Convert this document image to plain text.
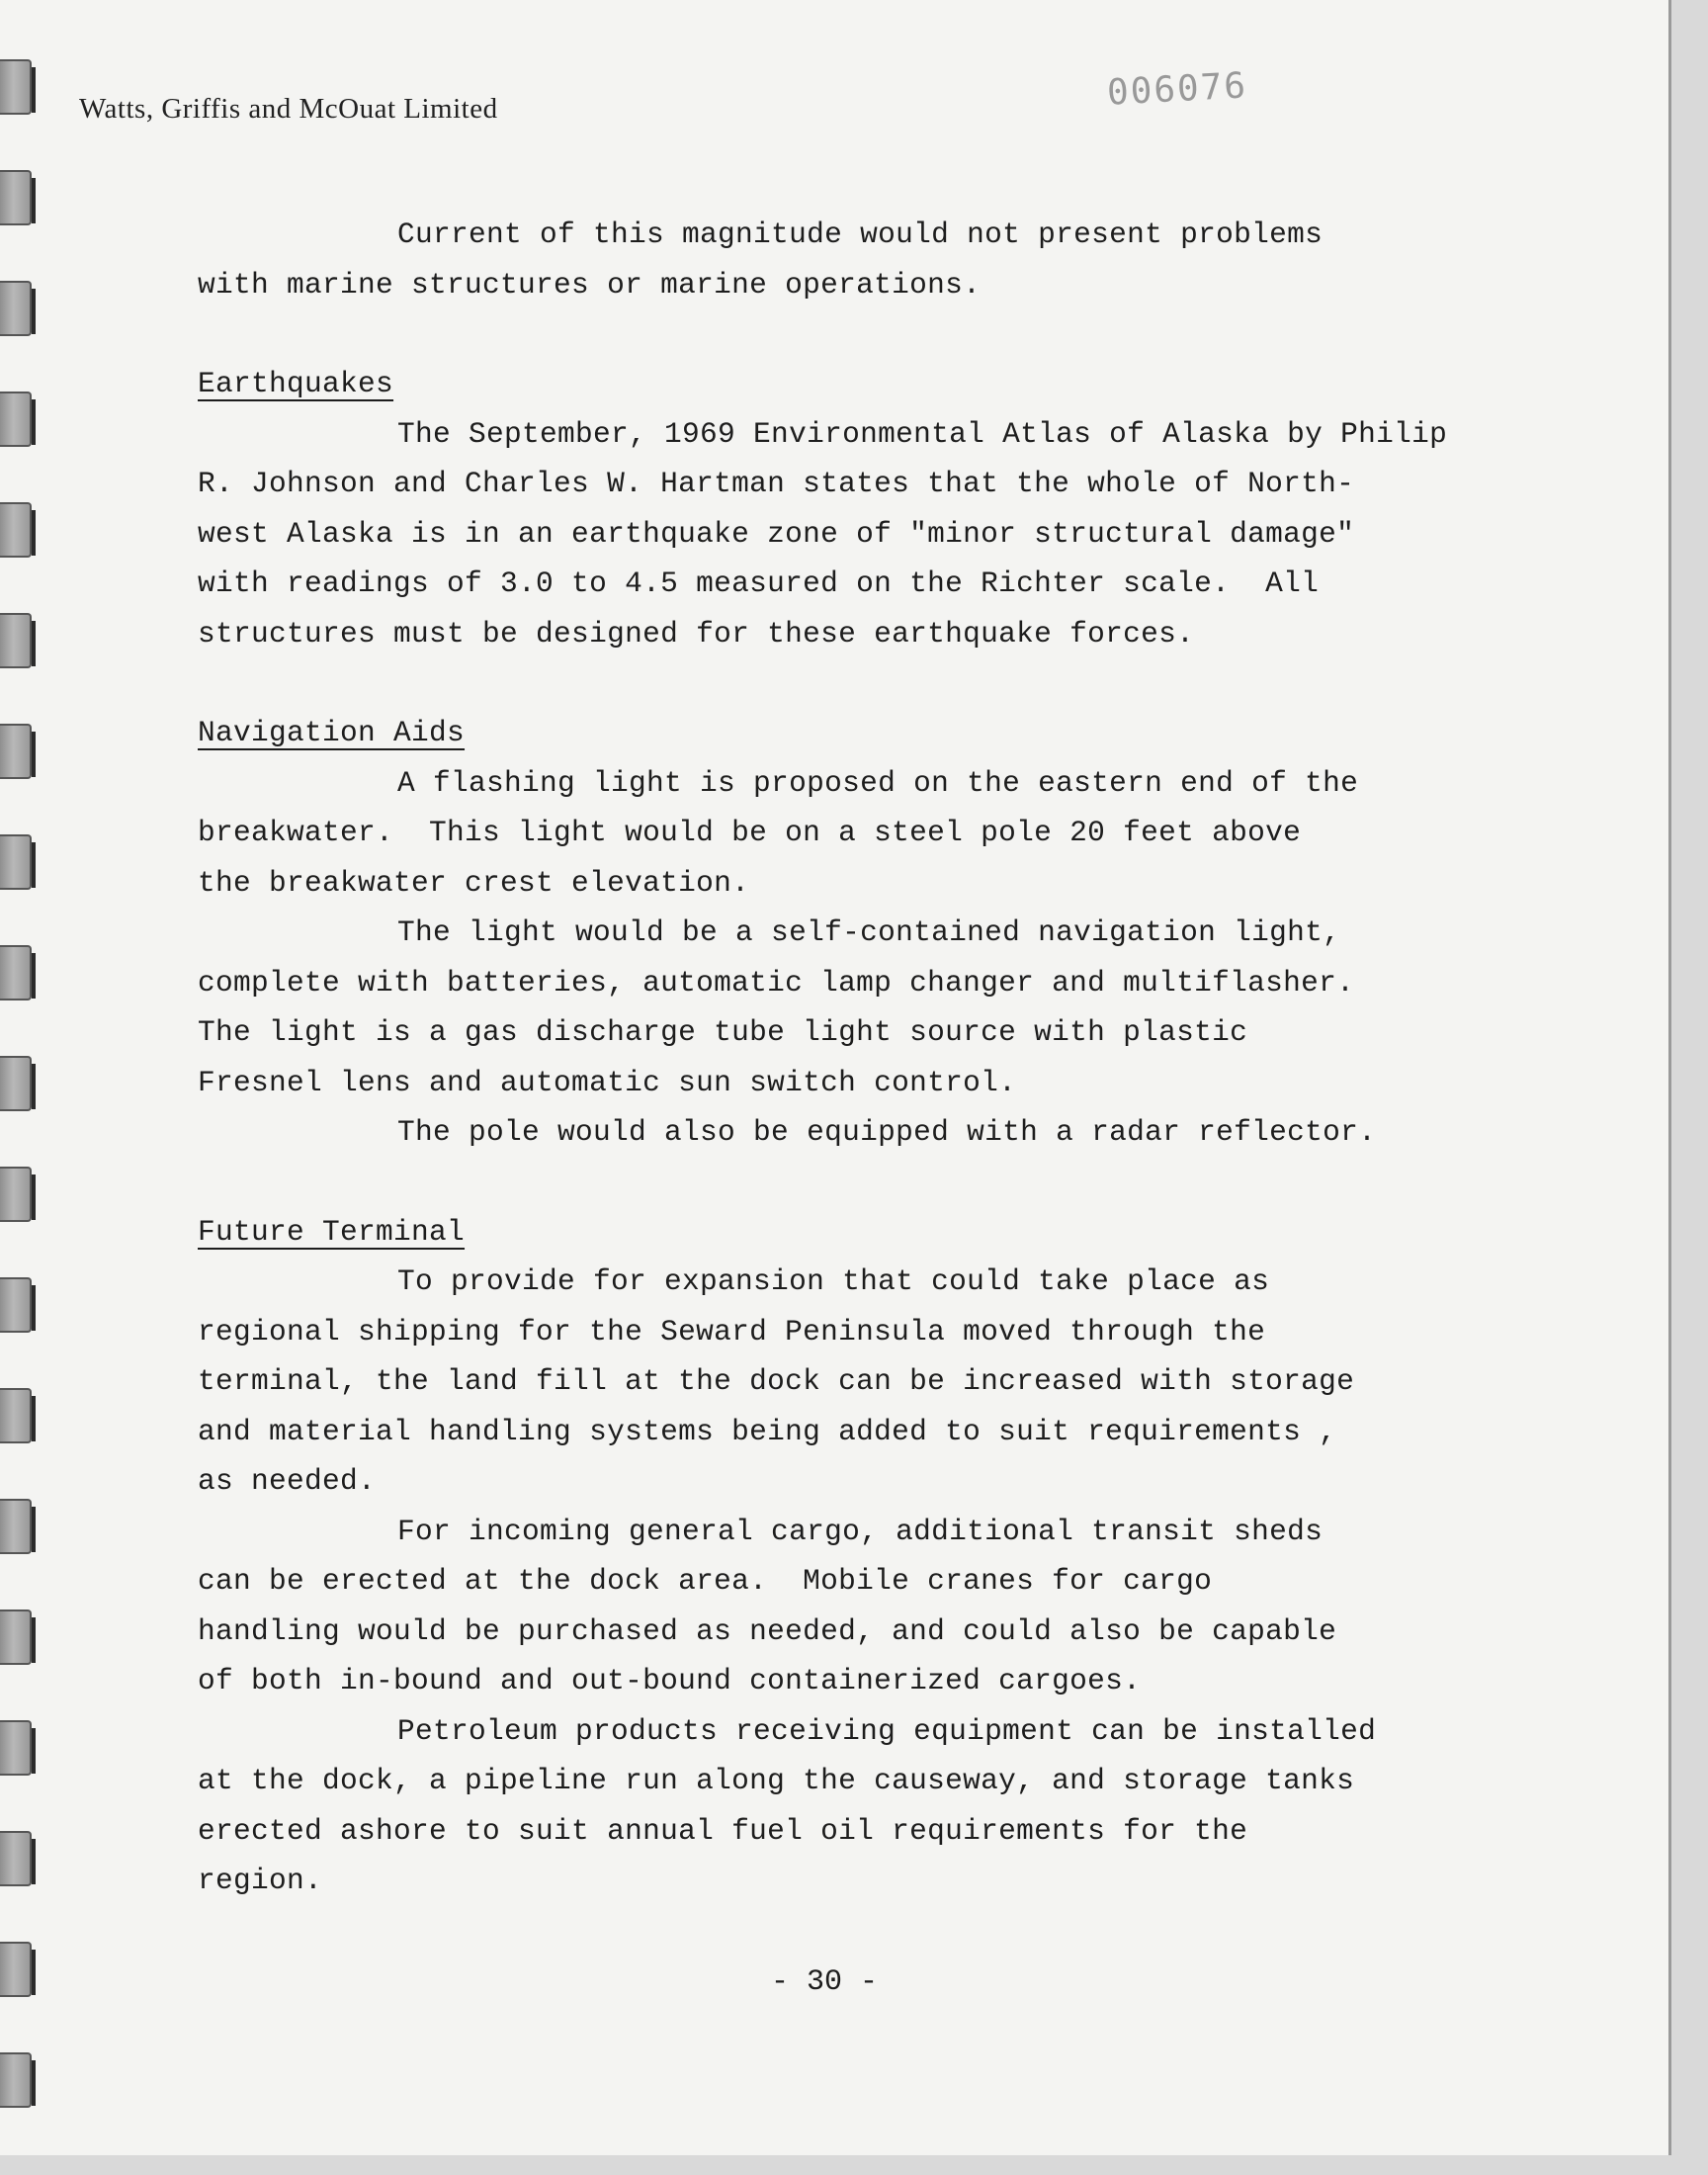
Watts, Griffis and McOuat Limited	006076

Current of this magnitude would not present problems
with marine structures or marine operations.

Earthquakes

The September, 1969 Environmental Atlas of Alaska by Philip
R. Johnson and Charles W. Hartman states that the whole of North-
west Alaska is in an earthquake zone of "minor structural damage"
with readings of 3.0 to 4.5 measured on the Richter scale.  All
structures must be designed for these earthquake forces.

Navigation Aids

A flashing light is proposed on the eastern end of the
breakwater.  This light would be on a steel pole 20 feet above
the breakwater crest elevation.

The light would be a self-contained navigation light,
complete with batteries, automatic lamp changer and multiflasher.
The light is a gas discharge tube light source with plastic
Fresnel lens and automatic sun switch control.

The pole would also be equipped with a radar reflector.

Future Terminal

To provide for expansion that could take place as
regional shipping for the Seward Peninsula moved through the
terminal, the land fill at the dock can be increased with storage
and material handling systems being added to suit requirements ,
as needed.

For incoming general cargo, additional transit sheds
can be erected at the dock area.  Mobile cranes for cargo
handling would be purchased as needed, and could also be capable
of both in-bound and out-bound containerized cargoes.

Petroleum products receiving equipment can be installed
at the dock, a pipeline run along the causeway, and storage tanks
erected ashore to suit annual fuel oil requirements for the
region.

- 30 -
